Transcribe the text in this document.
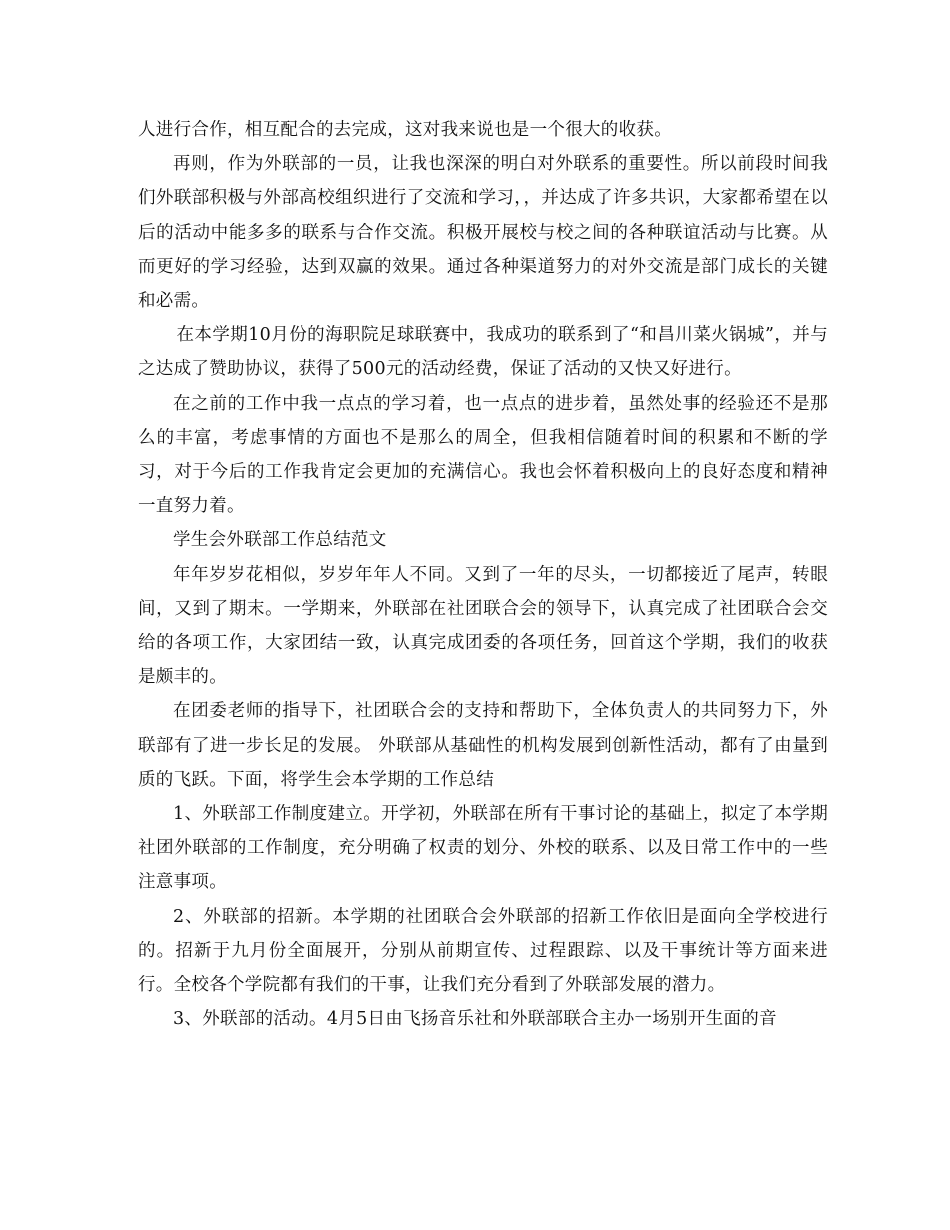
人进行合作，相互配合的去完成，这对我来说也是一个很大的收获。

再则，作为外联部的一员，让我也深深的明白对外联系的重要性。所以前段时间我们外联部积极与外部高校组织进行了交流和学习，，并达成了许多共识，大家都希望在以后的活动中能多多的联系与合作交流。积极开展校与校之间的各种联谊活动与比赛。从而更好的学习经验，达到双赢的效果。通过各种渠道努力的对外交流是部门成长的关键和必需。

在本学期10月份的海职院足球联赛中，我成功的联系到了“和昌川菜火锅城”，并与之达成了赞助协议，获得了500元的活动经费，保证了活动的又快又好进行。

在之前的工作中我一点点的学习着，也一点点的进步着，虽然处事的经验还不是那么的丰富，考虑事情的方面也不是那么的周全，但我相信随着时间的积累和不断的学习，对于今后的工作我肯定会更加的充满信心。我也会怀着积极向上的良好态度和精神一直努力着。

学生会外联部工作总结范文

年年岁岁花相似，岁岁年年人不同。又到了一年的尽头，一切都接近了尾声，转眼间，又到了期末。一学期来，外联部在社团联合会的领导下，认真完成了社团联合会交给的各项工作，大家团结一致，认真完成团委的各项任务，回首这个学期，我们的收获是颇丰的。

在团委老师的指导下，社团联合会的支持和帮助下，全体负责人的共同努力下，外联部有了进一步长足的发展。 外联部从基础性的机构发展到创新性活动，都有了由量到质的飞跃。下面，将学生会本学期的工作总结

1、外联部工作制度建立。开学初，外联部在所有干事讨论的基础上，拟定了本学期社团外联部的工作制度，充分明确了权责的划分、外校的联系、以及日常工作中的一些注意事项。

2、外联部的招新。本学期的社团联合会外联部的招新工作依旧是面向全学校进行的。招新于九月份全面展开，分别从前期宣传、过程跟踪、以及干事统计等方面来进行。全校各个学院都有我们的干事，让我们充分看到了外联部发展的潜力。

3、外联部的活动。4月5日由飞扬音乐社和外联部联合主办一场别开生面的音
